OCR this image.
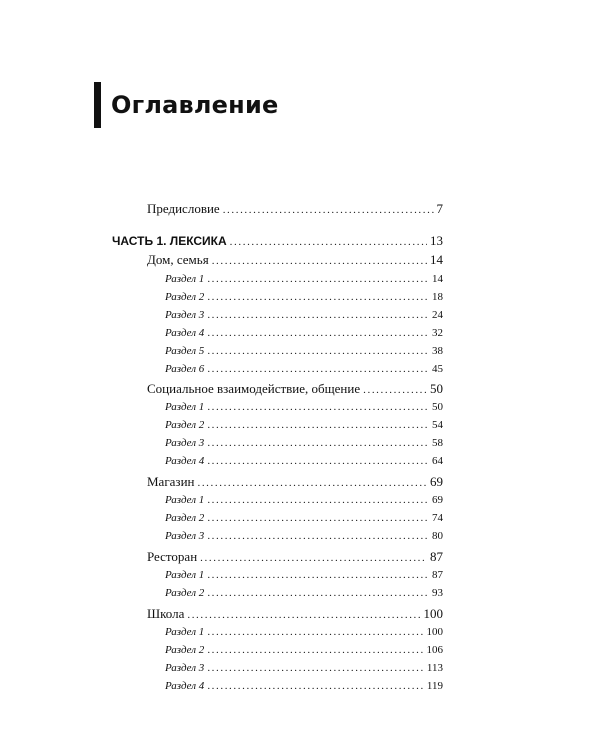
Оглавление
Предисловие .....	7
ЧАСТЬ 1. ЛЕКСИКА .....	13
Дом, семья .....	14
Раздел 1 .....	14
Раздел 2 .....	18
Раздел 3 .....	24
Раздел 4 .....	32
Раздел 5 .....	38
Раздел 6 .....	45
Социальное взаимодействие, общение .....	50
Раздел 1 .....	50
Раздел 2 .....	54
Раздел 3 .....	58
Раздел 4 .....	64
Магазин .....	69
Раздел 1 .....	69
Раздел 2 .....	74
Раздел 3 .....	80
Ресторан .....	87
Раздел 1 .....	87
Раздел 2 .....	93
Школа .....	100
Раздел 1 .....	100
Раздел 2 .....	106
Раздел 3 .....	113
Раздел 4 .....	119
